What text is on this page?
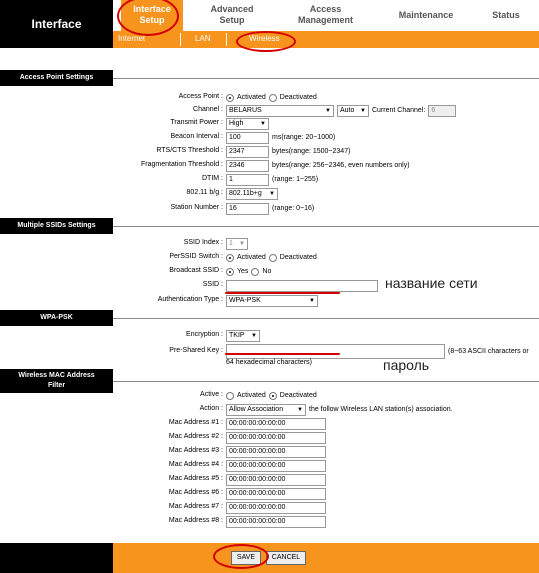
Interface
Interface
Setup
Advanced
Setup
Access
Management	Maintenance	Status
Internet	LAN	Wireless
Access Point Settings
Access Point : Activated Deactivated
Channel : BELARUS	▼ Auto ▼ Current Channel: 6
Transmit Power : High	▼
Beacon Interval : 100	ms(range: 20~1000)
RTS/CTS Threshold : 2347	bytes(range: 1500~2347)
Fragmentation Threshold : 2346	bytes(range: 256~2346, even numbers only)
DTIM : 1	(range: 1~255)
802.11 b/g : 802.11b+g ▼
Station Number : 16	(range: 0~16)
Multiple SSIDs Settings
SSID Index : 1 ▼
PerSSID Switch : Activated Deactivated
Broadcast SSID : Yes No
SSID :
Authentication Type : WPA-PSK	▼
WPA-PSK
Encryption : TKIP ▼
Pre-Shared Key :	(8~63 ASCII characters or
64 hexadecimal characters)
Wireless MAC Address
Filter
Active : Activated Deactivated
Action : Allow Association ▼ the follow Wireless LAN station(s) association.
Mac Address #1 : 00:00:00:00:00:00
Mac Address #2 : 00:00:00:00:00:00
Mac Address #3 : 00:00:00:00:00:00
Mac Address #4 : 00:00:00:00:00:00
Mac Address #5 : 00:00:00:00:00:00
Mac Address #6 : 00:00:00:00:00:00
Mac Address #7 : 00:00:00:00:00:00
Mac Address #8 : 00:00:00:00:00:00
название сети
пароль
SAVE	CANCEL
